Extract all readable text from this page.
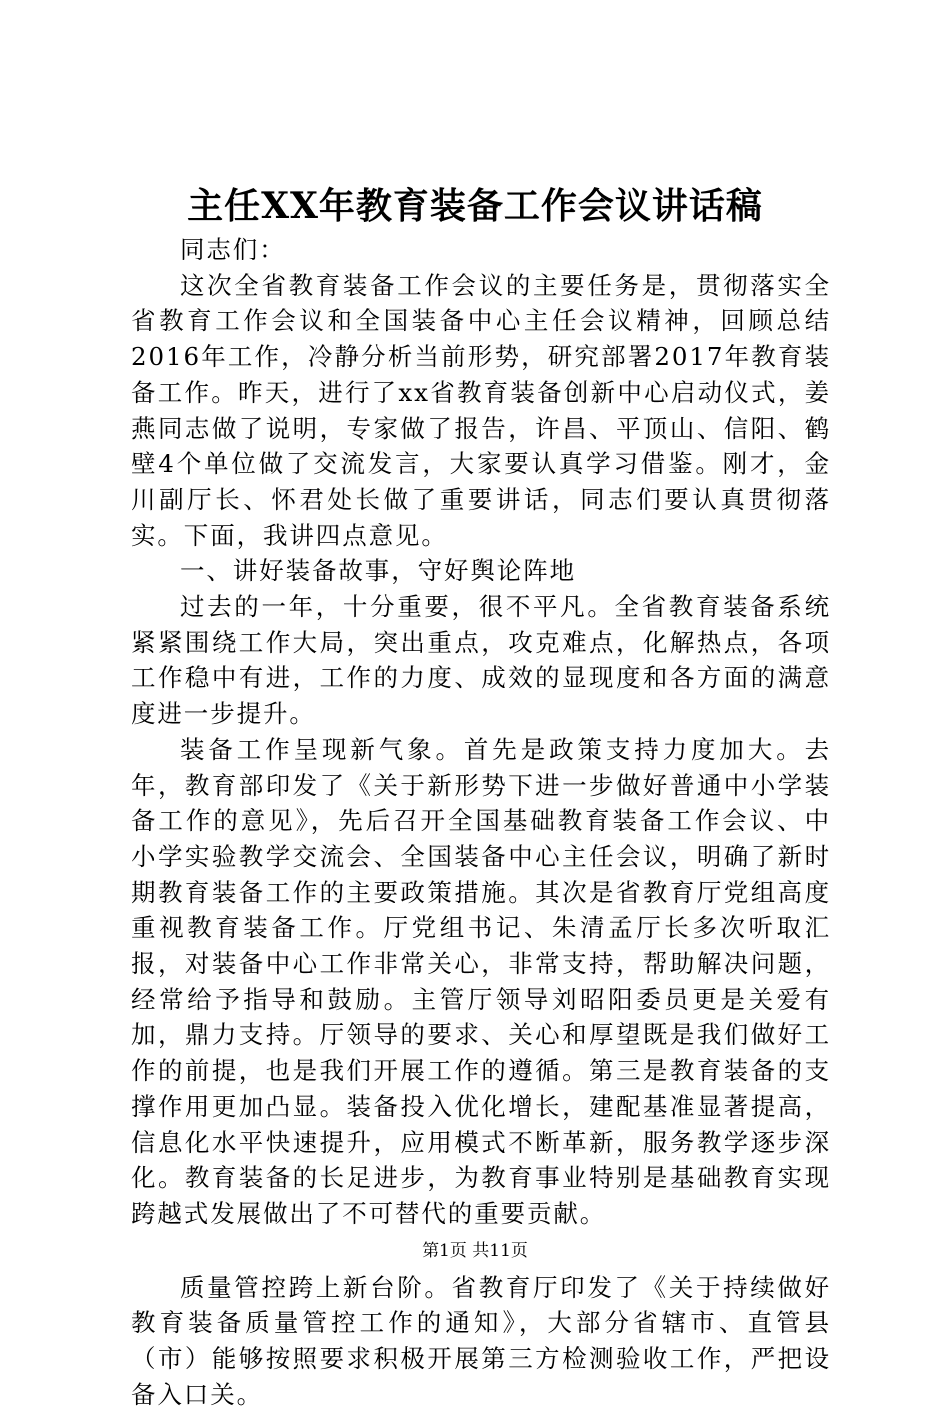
主任XX年教育装备工作会议讲话稿

同志们：

这次全省教育装备工作会议的主要任务是，贯彻落实全省教育工作会议和全国装备中心主任会议精神，回顾总结2016年工作，冷静分析当前形势，研究部署2017年教育装备工作。昨天，进行了xx省教育装备创新中心启动仪式，姜燕同志做了说明，专家做了报告，许昌、平顶山、信阳、鹤壁4个单位做了交流发言，大家要认真学习借鉴。刚才，金川副厅长、怀君处长做了重要讲话，同志们要认真贯彻落实。下面，我讲四点意见。

一、讲好装备故事，守好舆论阵地

过去的一年，十分重要，很不平凡。全省教育装备系统紧紧围绕工作大局，突出重点，攻克难点，化解热点，各项工作稳中有进，工作的力度、成效的显现度和各方面的满意度进一步提升。

装备工作呈现新气象。首先是政策支持力度加大。去年，教育部印发了《关于新形势下进一步做好普通中小学装备工作的意见》，先后召开全国基础教育装备工作会议、中小学实验教学交流会、全国装备中心主任会议，明确了新时期教育装备工作的主要政策措施。其次是省教育厅党组高度重视教育装备工作。厅党组书记、朱清孟厅长多次听取汇报，对装备中心工作非常关心，非常支持，帮助解决问题，经常给予指导和鼓励。主管厅领导刘昭阳委员更是关爱有加，鼎力支持。厅领导的要求、关心和厚望既是我们做好工作的前提，也是我们开展工作的遵循。第三是教育装备的支撑作用更加凸显。装备投入优化增长，建配基准显著提高，信息化水平快速提升，应用模式不断革新，服务教学逐步深化。教育装备的长足进步，为教育事业特别是基础教育实现跨越式发展做出了不可替代的重要贡献。

质量管控跨上新台阶。省教育厅印发了《关于持续做好教育装备质量管控工作的通知》，大部分省辖市、直管县（市）能够按照要求积极开展第三方检测验收工作，严把设备入口关。

第1页 共11页
